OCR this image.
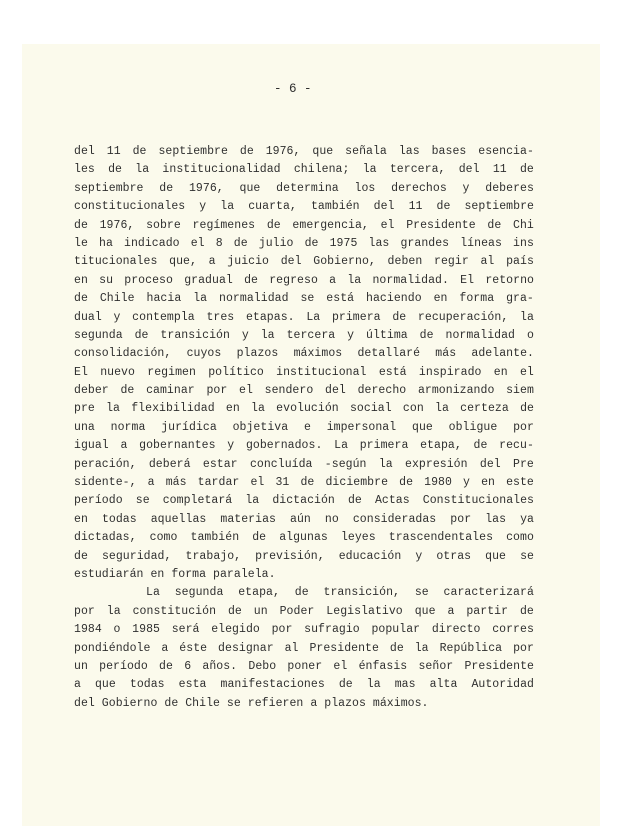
- 6 -
del 11 de septiembre de 1976, que señala las bases esencia-
les de la institucionalidad chilena; la tercera, del 11 de
septiembre de 1976, que determina los derechos y deberes
constitucionales y la cuarta, también del 11 de septiembre
de 1976, sobre regímenes de emergencia, el Presidente de Chi
le ha indicado el 8 de julio de 1975 las grandes líneas ins
titucionales que, a juicio del Gobierno, deben regir al país
en su proceso gradual de regreso a la normalidad. El retorno
de Chile hacia la normalidad se está haciendo en forma gra-
dual y contempla tres etapas. La primera de recuperación, la
segunda de transición y la tercera y última de normalidad o
consolidación, cuyos plazos máximos detallaré más adelante.
El nuevo regimen político institucional está inspirado en el
deber de caminar por el sendero del derecho armonizando siem
pre la flexibilidad en la evolución social con la certeza de
una norma jurídica objetiva e impersonal que obligue por
igual a gobernantes y gobernados. La primera etapa, de recu-
peración, deberá estar concluída -según la expresión del Pre
sidente-, a más tardar el 31 de diciembre de 1980 y en este
período se completará la dictación de Actas Constitucionales
en todas aquellas materias aún no consideradas por las ya
dictadas, como también de algunas leyes trascendentales como
de seguridad, trabajo, previsión, educación y otras que se
estudiarán en forma paralela.
La segunda etapa, de transición, se caracterizará
por la constitución de un Poder Legislativo que a partir de
1984 o 1985 será elegido por sufragio popular directo corres
pondiéndole a éste designar al Presidente de la República por
un período de 6 años. Debo poner el énfasis señor Presidente
a que todas esta manifestaciones de la mas alta Autoridad
del Gobierno de Chile se refieren a plazos máximos.
